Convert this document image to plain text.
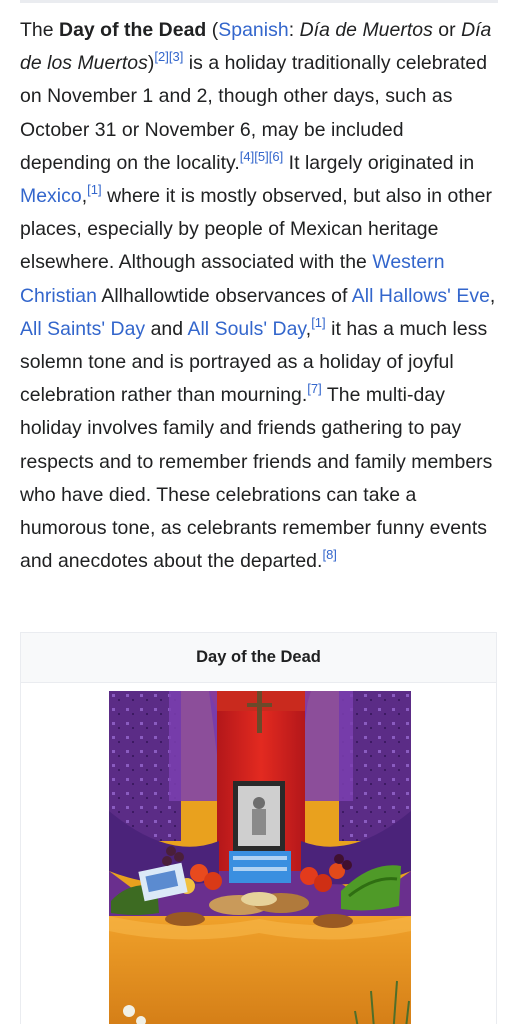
The Day of the Dead (Spanish: Día de Muertos or Día de los Muertos)[2][3] is a holiday traditionally celebrated on November 1 and 2, though other days, such as October 31 or November 6, may be included depending on the locality.[4][5][6] It largely originated in Mexico,[1] where it is mostly observed, but also in other places, especially by people of Mexican heritage elsewhere. Although associated with the Western Christian Allhallowtide observances of All Hallows' Eve, All Saints' Day and All Souls' Day,[1] it has a much less solemn tone and is portrayed as a holiday of joyful celebration rather than mourning.[7] The multi-day holiday involves family and friends gathering to pay respects and to remember friends and family members who have died. These celebrations can take a humorous tone, as celebrants remember funny events and anecdotes about the departed.[8]

Day of the Dead
